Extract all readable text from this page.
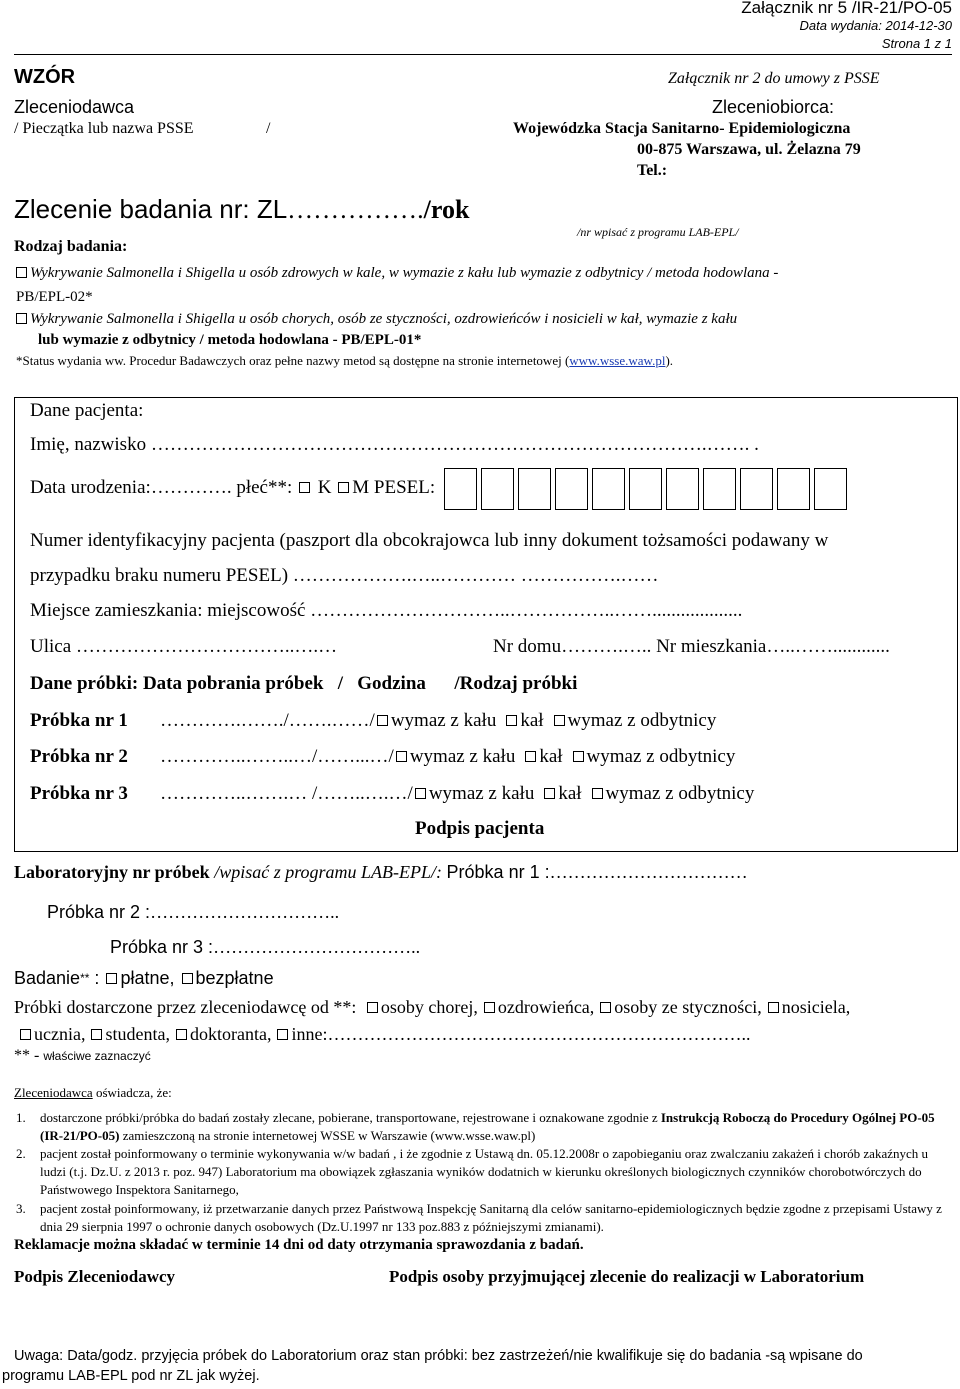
Załącznik nr 5 /IR-21/PO-05
Data wydania: 2014-12-30
Strona 1 z 1
WZÓR	Załącznik nr 2 do umowy z PSSE
Zleceniodawca
/ Pieczątka lub nazwa PSSE	/
Zleceniobiorca:
Wojewódzka Stacja Sanitarno- Epidemiologiczna
00-875 Warszawa, ul. Żelazna 79
Tel.:
Zlecenie badania nr: ZL……………./rok
/nr wpisać z programu LAB-EPL/
Rodzaj badania:
Wykrywanie Salmonella i Shigella u osób zdrowych w kale, w wymazie z kału lub wymazie z odbytnicy / metoda hodowlana -
PB/EPL-02*
Wykrywanie Salmonella i Shigella u osób chorych, osób ze styczności, ozdrowieńców i nosicieli w kał, wymazie z kału
lub wymazie z odbytnicy / metoda hodowlana - PB/EPL-01*
*Status wydania ww. Procedur Badawczych oraz pełne nazwy metod są dostępne na stronie internetowej (www.wsse.waw.pl).
Dane pacjenta:
Imię, nazwisko …………………………………………………………………………….……. .
Data urodzenia:…………. płeć**: K M PESEL:
Numer identyfikacyjny pacjenta (paszport dla obcokrajowca lub inny dokument tożsamości podawany w
przypadku braku numeru PESEL) ……………….…..………… …………….……
Miejsce zamieszkania: miejscowość …………………………..……………..……...................
Ulica ……………………………..….…	Nr domu……….….. Nr mieszkania…..……............
Dane próbki: Data pobrania próbek   /   Godzina      /Rodzaj próbki
Próbka nr 1 ………….……./…….……/ wymaz z kału kał wymaz z odbytnicy
Próbka nr 2 …………..……..…/……...…/ wymaz z kału kał wymaz z odbytnicy
Próbka nr 3 …………..…….… /……..….…/ wymaz z kału kał wymaz z odbytnicy
Podpis pacjenta
Laboratoryjny nr próbek /wpisać z programu LAB-EPL/: Próbka nr 1 :……………………………
Próbka nr 2 :…………………………..
Próbka nr 3 :……………………………..
Badanie** : płatne, bezpłatne
Próbki dostarczone przez zleceniodawcę od **: osoby chorej, ozdrowieńca, osoby ze styczności, nosiciela,
ucznia, studenta, doktoranta, inne:……………………………………………………………..
** - właściwe zaznaczyć
Zleceniodawca oświadcza, że:
1. dostarczone próbki/próbka do badań zostały zlecane, pobierane, transportowane, rejestrowane i oznakowane zgodnie z Instrukcją Roboczą do Procedury Ogólnej PO-05 (IR-21/PO-05) zamieszczoną na stronie internetowej WSSE w Warszawie (www.wsse.waw.pl)
2. pacjent został poinformowany o terminie wykonywania w/w badań , i że zgodnie z Ustawą dn. 05.12.2008r o zapobieganiu oraz zwalczaniu zakażeń i chorób zakaźnych u ludzi (t.j. Dz.U. z 2013 r. poz. 947) Laboratorium ma obowiązek zgłaszania wyników dodatnich w kierunku określonych biologicznych czynników chorobotwórczych do Państwowego Inspektora Sanitarnego,
3. pacjent został poinformowany, iż przetwarzanie danych przez Państwową Inspekcję Sanitarną dla celów sanitarno-epidemiologicznych będzie zgodne z przepisami Ustawy z dnia 29 sierpnia 1997 o ochronie danych osobowych (Dz.U.1997 nr 133 poz.883 z późniejszymi zmianami).
Reklamacje można składać w terminie 14 dni od daty otrzymania sprawozdania z badań.
Podpis Zleceniodawcy	Podpis osoby przyjmującej zlecenie do realizacji w Laboratorium
Uwaga: Data/godz. przyjęcia próbek do Laboratorium oraz stan próbki: bez zastrzeżeń/nie kwalifikuje się do badania -są wpisane do
programu LAB-EPL pod nr ZL jak wyżej.
